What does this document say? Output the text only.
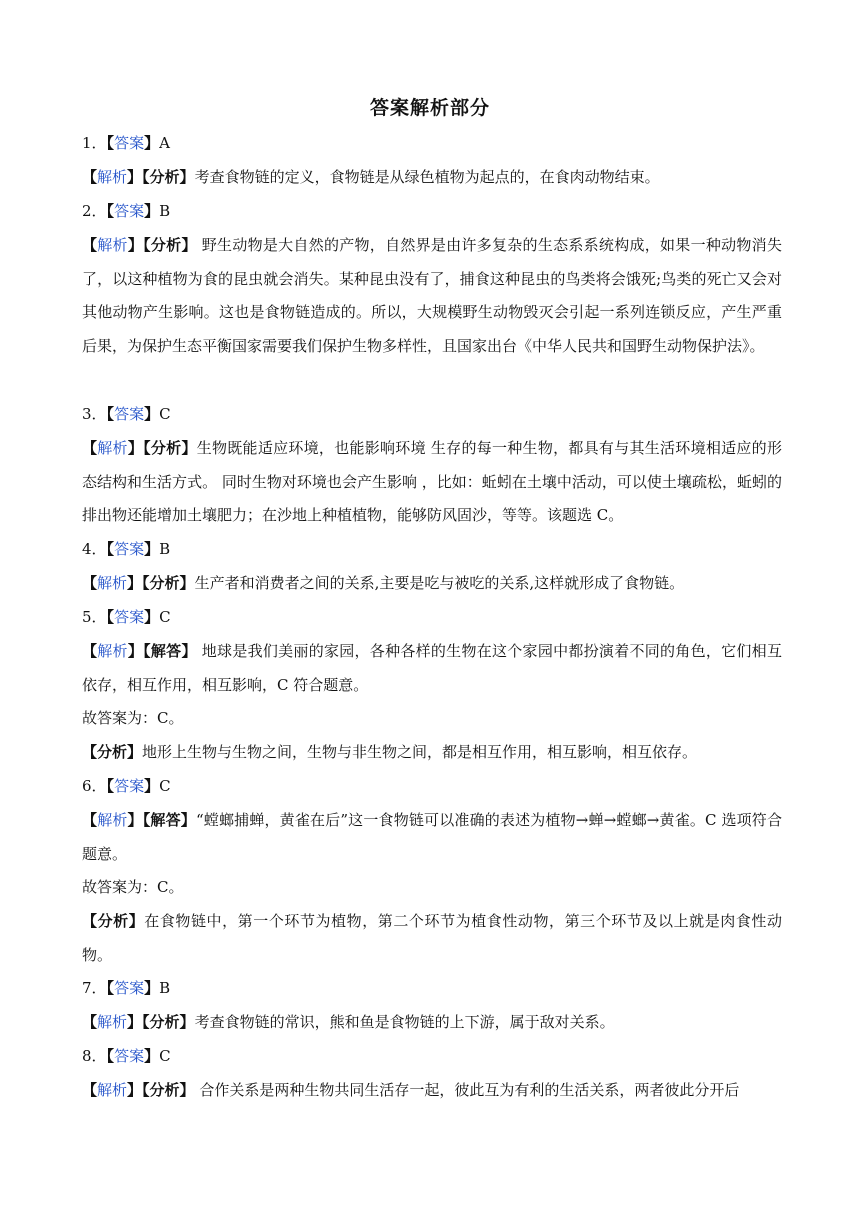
答案解析部分
1．【答案】A
【解析】【分析】考查食物链的定义，食物链是从绿色植物为起点的，在食肉动物结束。
2．【答案】B
【解析】【分析】 野生动物是大自然的产物，自然界是由许多复杂的生态系系统构成，如果一种动物消失了，以这种植物为食的昆虫就会消失。某种昆虫没有了，捕食这种昆虫的鸟类将会饿死;鸟类的死亡又会对其他动物产生影响。这也是食物链造成的。所以，大规模野生动物毁灭会引起一系列连锁反应，产生严重后果，为保护生态平衡国家需要我们保护生物多样性，且国家出台《中华人民共和国野生动物保护法》。
3．【答案】C
【解析】【分析】生物既能适应环境，也能影响环境 生存的每一种生物，都具有与其生活环境相适应的形态结构和生活方式。 同时生物对环境也会产生影响 ，比如：蚯蚓在土壤中活动，可以使土壤疏松，蚯蚓的排出物还能增加土壤肥力；在沙地上种植植物，能够防风固沙，等等。该题选 C。
4．【答案】B
【解析】【分析】生产者和消费者之间的关系,主要是吃与被吃的关系,这样就形成了食物链。
5．【答案】C
【解析】【解答】 地球是我们美丽的家园，各种各样的生物在这个家园中都扮演着不同的角色，它们相互依存，相互作用，相互影响，C 符合题意。
故答案为：C。
【分析】地形上生物与生物之间，生物与非生物之间，都是相互作用，相互影响，相互依存。
6．【答案】C
【解析】【解答】“螳螂捕蝉，黄雀在后”这一食物链可以准确的表述为植物→蝉→螳螂→黄雀。C 选项符合题意。
故答案为：C。
【分析】在食物链中，第一个环节为植物，第二个环节为植食性动物，第三个环节及以上就是肉食性动物。
7．【答案】B
【解析】【分析】考查食物链的常识，熊和鱼是食物链的上下游，属于敌对关系。
8．【答案】C
【解析】【分析】 合作关系是两种生物共同生活存一起，彼此互为有利的生活关系，两者彼此分开后
